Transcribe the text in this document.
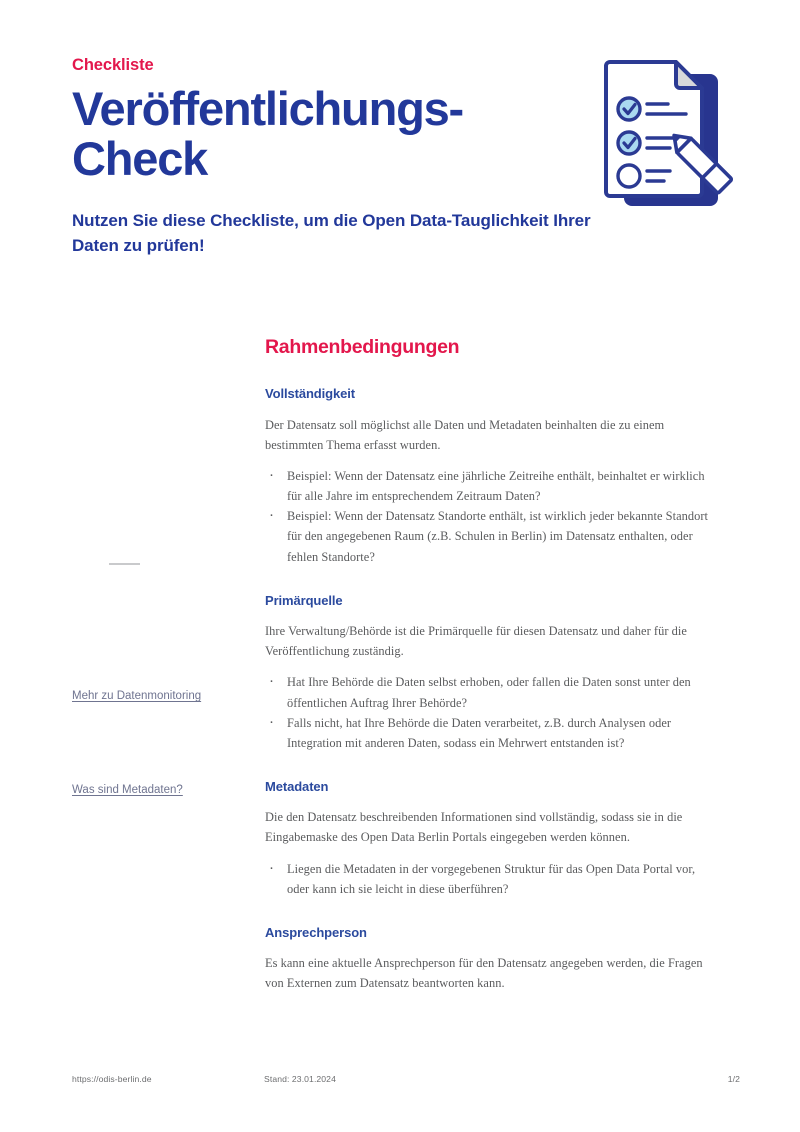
Checkliste
Veröffentlichungs-Check
Nutzen Sie diese Checkliste, um die Open Data-Tauglichkeit Ihrer Daten zu prüfen!
Mehr zu Datenmonitoring
Was sind Metadaten?
Rahmenbedingungen
Vollständigkeit

Der Datensatz soll möglichst alle Daten und Metadaten beinhalten die zu einem bestimmten Thema erfasst wurden.

· Beispiel: Wenn der Datensatz eine jährliche Zeitreihe enthält, beinhaltet er wirklich für alle Jahre im entsprechendem Zeitraum Daten?
· Beispiel: Wenn der Datensatz Standorte enthält, ist wirklich jeder bekannte Standort für den angegebenen Raum (z.B. Schulen in Berlin) im Datensatz enthalten, oder fehlen Standorte?
Primärquelle

Ihre Verwaltung/Behörde ist die Primärquelle für diesen Datensatz und daher für die Veröffentlichung zuständig.

· Hat Ihre Behörde die Daten selbst erhoben, oder fallen die Daten sonst unter den öffentlichen Auftrag Ihrer Behörde?
· Falls nicht, hat Ihre Behörde die Daten verarbeitet, z.B. durch Analysen oder Integration mit anderen Daten, sodass ein Mehrwert entstanden ist?
Metadaten

Die den Datensatz beschreibenden Informationen sind vollständig, sodass sie in die Eingabemaske des Open Data Berlin Portals eingegeben werden können.

· Liegen die Metadaten in der vorgegebenen Struktur für das Open Data Portal vor, oder kann ich sie leicht in diese überführen?
Ansprechperson

Es kann eine aktuelle Ansprechperson für den Datensatz angegeben werden, die Fragen von Externen zum Datensatz beantworten kann.

https://odis-berlin.de	Stand: 23.01.2024	1/2
